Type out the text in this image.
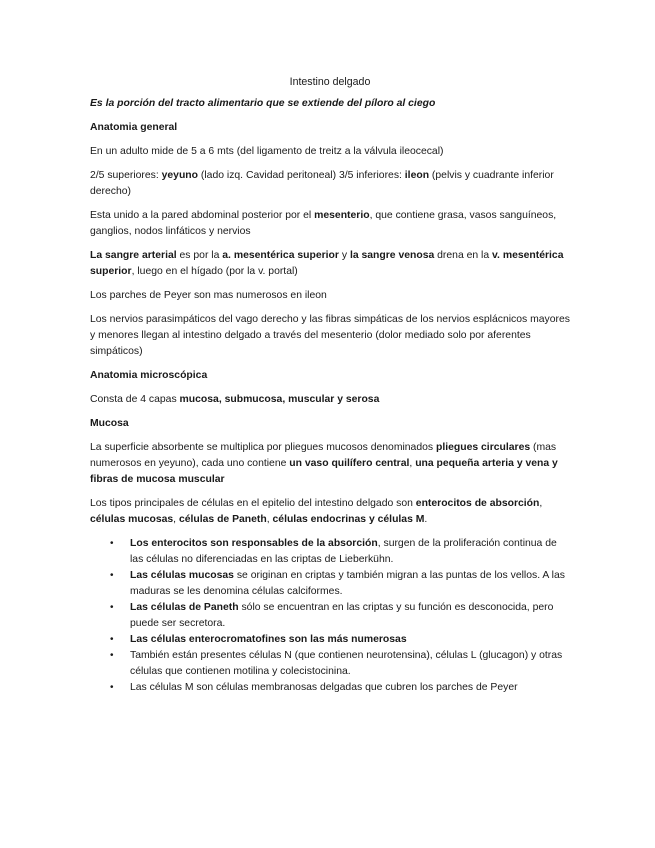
Intestino delgado
Es la porción del tracto alimentario que se extiende del píloro al ciego
Anatomia general
En un adulto mide de 5 a 6 mts (del ligamento de treitz a la válvula ileocecal)
2/5 superiores: yeyuno (lado izq. Cavidad peritoneal) 3/5 inferiores: ileon (pelvis y cuadrante inferior derecho)
Esta unido a la pared abdominal posterior por el mesenterio, que contiene grasa, vasos sanguíneos, ganglios, nodos linfáticos y nervios
La sangre arterial es por la a. mesentérica superior y la sangre venosa drena en la v. mesentérica superior, luego en el hígado (por la v. portal)
Los parches de Peyer son mas numerosos en ileon
Los nervios parasimpáticos del vago derecho y las fibras simpáticas de los nervios esplácnicos mayores y menores llegan al intestino delgado a través del mesenterio (dolor mediado solo por aferentes simpáticos)
Anatomia microscópica
Consta de 4 capas mucosa, submucosa, muscular y serosa
Mucosa
La superficie absorbente se multiplica por pliegues mucosos denominados pliegues circulares (mas numerosos en yeyuno), cada uno contiene un vaso quilífero central, una pequeña arteria y vena y fibras de mucosa muscular
Los tipos principales de células en el epitelio del intestino delgado son enterocitos de absorción, células mucosas, células de Paneth, células endocrinas y células M.
• Los enterocitos son responsables de la absorción, surgen de la proliferación continua de las células no diferenciadas en las criptas de Lieberkühn.
• Las células mucosas se originan en criptas y también migran a las puntas de los vellos. A las maduras se les denomina células calciformes.
• Las células de Paneth sólo se encuentran en las criptas y su función es desconocida, pero puede ser secretora.
• Las células enterocromatofines son las más numerosas
• También están presentes células N (que contienen neurotensina), células L (glucagon) y otras células que contienen motilina y colecistocinina.
• Las células M son células membranosas delgadas que cubren los parches de Peyer
